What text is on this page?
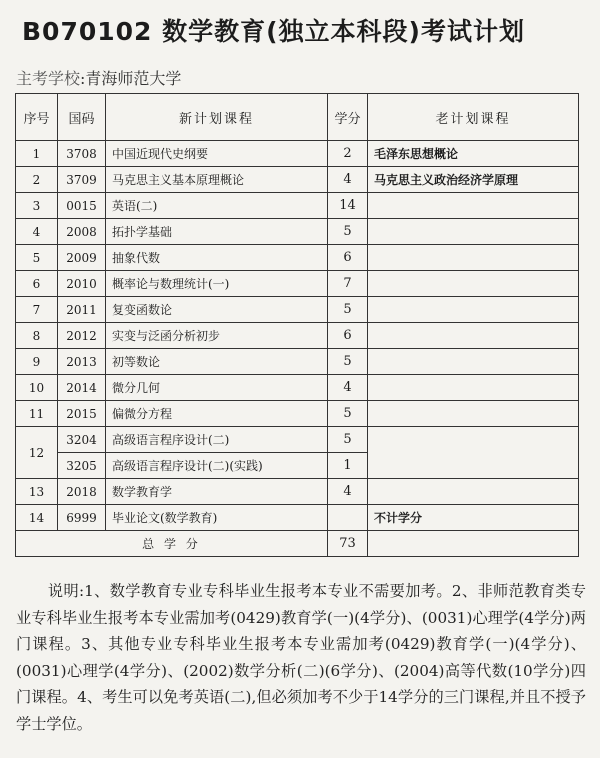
B070102 数学教育(独立本科段)考试计划
主考学校:青海师范大学
序号	国码	新计划课程	学分	老计划课程
1	3708	中国近现代史纲要	2	毛泽东思想概论
2	3709	马克思主义基本原理概论	4	马克思主义政治经济学原理
3	0015	英语(二)	14	
4	2008	拓扑学基础	5	
5	2009	抽象代数	6	
6	2010	概率论与数理统计(一)	7	
7	2011	复变函数论	5	
8	2012	实变与泛函分析初步	6	
9	2013	初等数论	5	
10	2014	微分几何	4	
11	2015	偏微分方程	5	
12	3204	高级语言程序设计(二)	5	
	3205	高级语言程序设计(二)(实践)	1	
13	2018	数学教育学	4	
14	6999	毕业论文(数学教育)		不计学分
总 学 分			73	
说明:1、数学教育专业专科毕业生报考本专业不需要加考。2、非师范教育类专业专科毕业生报考本专业需加考(0429)教育学(一)(4学分)、(0031)心理学(4学分)两门课程。3、其他专业专科毕业生报考本专业需加考(0429)教育学(一)(4学分)、(0031)心理学(4学分)、(2002)数学分析(二)(6学分)、(2004)高等代数(10学分)四门课程。4、考生可以免考英语(二),但必须加考不少于14学分的三门课程,并且不授予学士学位。
